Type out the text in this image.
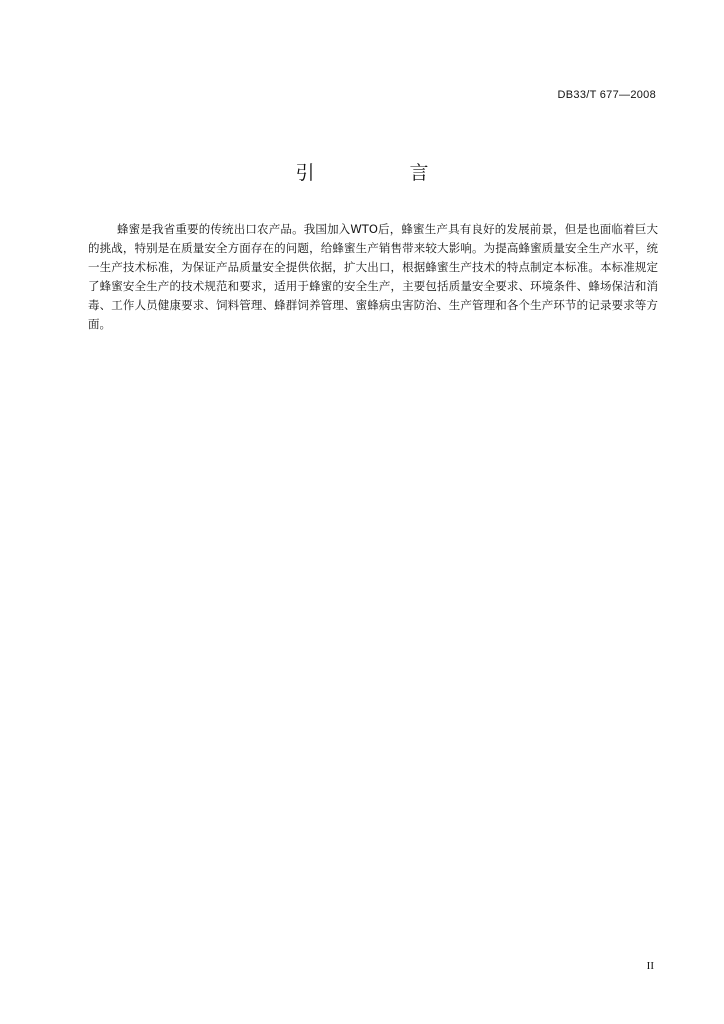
DB33/T 677—2008
引　言

蜂蜜是我省重要的传统出口农产品。我国加入WTO后，蜂蜜生产具有良好的发展前景，但是也面临着巨大的挑战，特别是在质量安全方面存在的问题，给蜂蜜生产销售带来较大影响。为提高蜂蜜质量安全生产水平，统一生产技术标准，为保证产品质量安全提供依据，扩大出口，根据蜂蜜生产技术的特点制定本标准。本标准规定了蜂蜜安全生产的技术规范和要求，适用于蜂蜜的安全生产，主要包括质量安全要求、环境条件、蜂场保洁和消毒、工作人员健康要求、饲料管理、蜂群饲养管理、蜜蜂病虫害防治、生产管理和各个生产环节的记录要求等方面。

II
